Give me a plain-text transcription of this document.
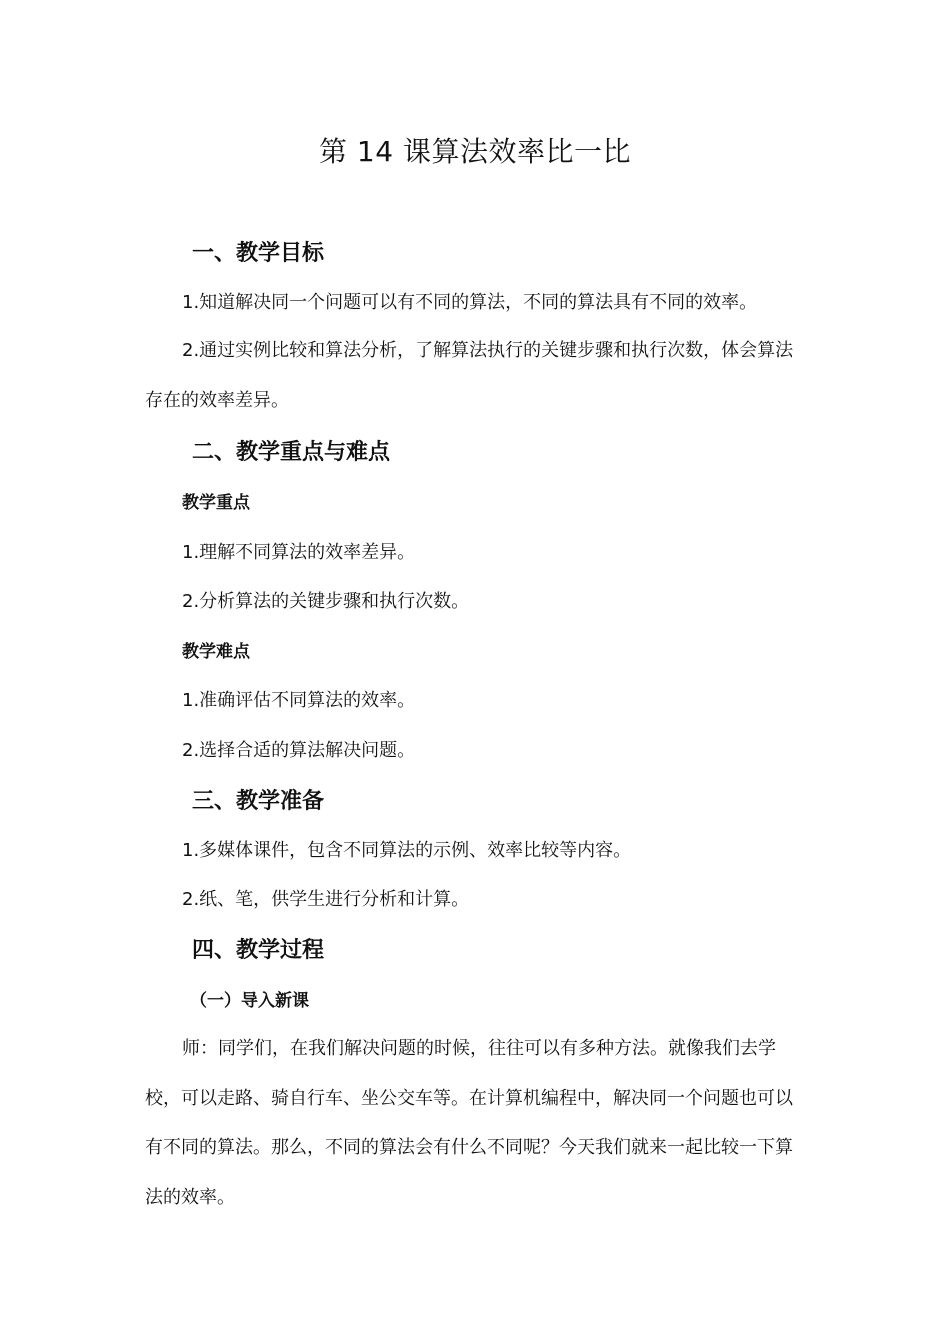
第 14 课算法效率比一比
一、教学目标
1.知道解决同一个问题可以有不同的算法，不同的算法具有不同的效率。
2.通过实例比较和算法分析，了解算法执行的关键步骤和执行次数，体会算法存在的效率差异。
二、教学重点与难点
教学重点
1.理解不同算法的效率差异。
2.分析算法的关键步骤和执行次数。
教学难点
1.准确评估不同算法的效率。
2.选择合适的算法解决问题。
三、教学准备
1.多媒体课件，包含不同算法的示例、效率比较等内容。
2.纸、笔，供学生进行分析和计算。
四、教学过程
（一）导入新课
师：同学们，在我们解决问题的时候，往往可以有多种方法。就像我们去学校，可以走路、骑自行车、坐公交车等。在计算机编程中，解决同一个问题也可以有不同的算法。那么，不同的算法会有什么不同呢？今天我们就来一起比较一下算法的效率。
